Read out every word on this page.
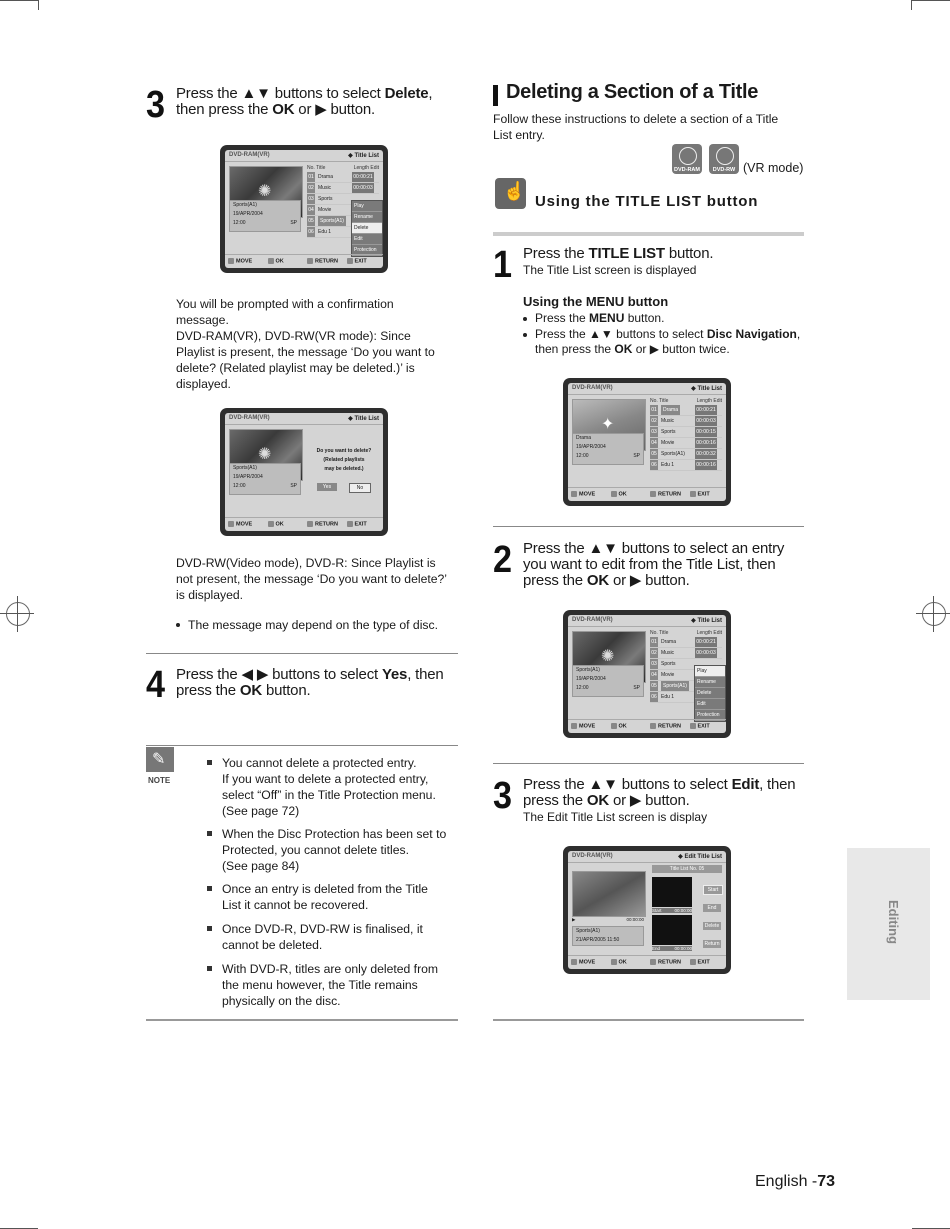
3 Press the ▲▼ buttons to select Delete,
then press the OK or ▶ button.
DVD-RAM(VR)	◆ Title List
✺
Sports(A1)
19/APR/2004
12:00	SP
No.
Title	Length
Edit
01 Drama	00:00:21
02 Music	00:00:03
03 Sports
04 Movie
05	Sports(A1)
06 Edu 1
Play
Rename
Delete
Edit
Protection
MOVE	OK	RETURN	EXIT
You will be prompted with a confirmation
message.
DVD-RAM(VR), DVD-RW(VR mode): Since
Playlist is present, the message ‘Do you want to
delete? (Related playlist may be deleted.)’ is
displayed.
DVD-RAM(VR)	◆ Title List
✺
Sports(A1)
19/APR/2004
12:00	SP
Do you want to delete?
(Related playlists
may be deleted.)
Yes	No
MOVE	OK	RETURN	EXIT
DVD-RW(Video mode), DVD-R: Since Playlist is
not present, the message ‘Do you want to delete?’
is displayed.
The message may depend on the type of disc.
4 Press the ◀ ▶ buttons to select Yes, then
press the OK button.
✎
NOTE
You cannot delete a protected entry.
If you want to delete a protected entry,
select “Off” in the Title Protection menu.
(See page 72)
When the Disc Protection has been set to
Protected, you cannot delete titles.
(See page 84)
Once an entry is deleted from the Title
List it cannot be recovered.
Once DVD-R, DVD-RW is finalised, it
cannot be deleted.
With DVD-R, titles are only deleted from
the menu however, the Title remains
physically on the disc.
Deleting a Section of a Title
Follow these instructions to delete a section of a Title
List entry.
DVD-RAM	DVD-RW (VR mode)
☝
Using the TITLE LIST button
1 Press the TITLE LIST button.
The Title List screen is displayed
Using the MENU button
Press the MENU button.
Press the ▲▼ buttons to select Disc Navigation,
then press the OK or ▶ button twice.
DVD-RAM(VR)	◆ Title List
✦
Drama
19/APR/2004
12:00	SP
No.
Title	Length
Edit
01	Drama	00:00:21
02 Music	00:00:03
03 Sports	00:00:15
04 Movie	00:00:16
05 Sports(A1) 00:00:32
06 Edu 1	00:00:16
MOVE	OK	RETURN	EXIT
2 Press the ▲▼ buttons to select an entry
you want to edit from the Title List, then
press the OK or ▶ button.
DVD-RAM(VR)	◆ Title List
✺
Sports(A1)
19/APR/2004
12:00	SP
No.
Title	Length
Edit
01 Drama	00:00:21
02 Music	00:00:03
03 Sports
04 Movie
05	Sports(A1)
06 Edu 1
Play
Rename
Delete
Edit
Protection
MOVE	OK	RETURN	EXIT
3 Press the ▲▼ buttons to select Edit, then
press the OK or ▶ button.
The Edit Title List screen is display
DVD-RAM(VR)	◆ Edit Title List
▶	00:00:00
Sports(A1)
21/APR/2005 11:50
Title List No. 05
Start	00:00:00
End	00:00:00
Start
End
Delete
Return
MOVE	OK	RETURN	EXIT
Editing
English -73
